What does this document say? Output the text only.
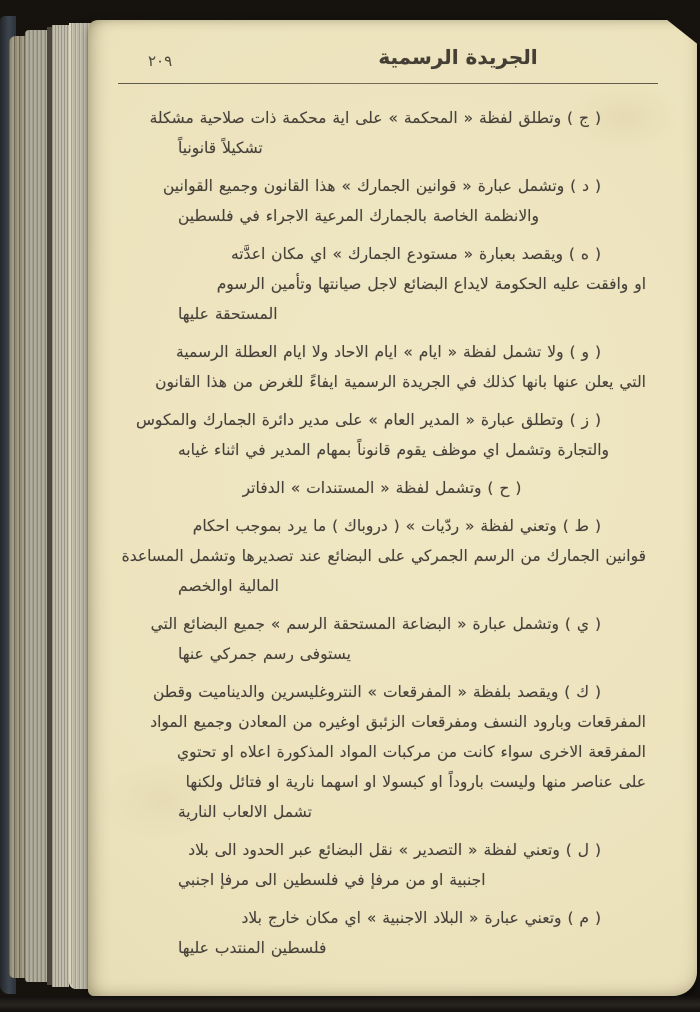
٢٠٩	الجريدة الرسمية
( ج ) وتطلق لفظة « المحكمة » على اية محكمة ذات صلاحية مشكلة
تشكيلاً قانونياً
( د ) وتشمل عبارة « قوانين الجمارك » هذا القانون وجميع القوانين
والانظمة الخاصة بالجمارك المرعية الاجراء في فلسطين
( ه ) ويقصد بعبارة « مستودع الجمارك » اي مكان اعدَّته
او وافقت عليه الحكومة لايداع البضائع لاجل صيانتها وتأمين الرسوم
المستحقة عليها
( و ) ولا تشمل لفظة « ايام » ايام الاحاد ولا ايام العطلة الرسمية
التي يعلن عنها بانها كذلك في الجريدة الرسمية ايفاءً للغرض من هذا القانون
( ز ) وتطلق عبارة « المدير العام » على مدير دائرة الجمارك والمكوس
والتجارة وتشمل اي موظف يقوم قانوناً بمهام المدير في اثناء غيابه
( ح ) وتشمل لفظة « المستندات » الدفاتر
( ط ) وتعني لفظة « ردّيات » ( دروباك ) ما يرد بموجب احكام
قوانين الجمارك من الرسم الجمركي على البضائع عند تصديرها وتشمل المساعدة
المالية اوالخصم
( ي ) وتشمل عبارة « البضاعة المستحقة الرسم » جميع البضائع التي
يستوفى رسم جمركي عنها
( ك ) ويقصد بلفظة « المفرقعات » النتروغليسرين والديناميت وقطن
المفرقعات وبارود النسف ومفرقعات الزئبق اوغيره من المعادن وجميع المواد
المفرقعة الاخرى سواء كانت من مركبات المواد المذكورة اعلاه او تحتوي
على عناصر منها وليست باروداً او كبسولا او اسهما نارية او فتائل ولكنها
تشمل الالعاب النارية
( ل ) وتعني لفظة « التصدير » نقل البضائع عبر الحدود الى بلاد
اجنبية او من مرفإ في فلسطين الى مرفإ اجنبي
( م ) وتعني عبارة « البلاد الاجنبية » اي مكان خارج بلاد
فلسطين المنتدب عليها
